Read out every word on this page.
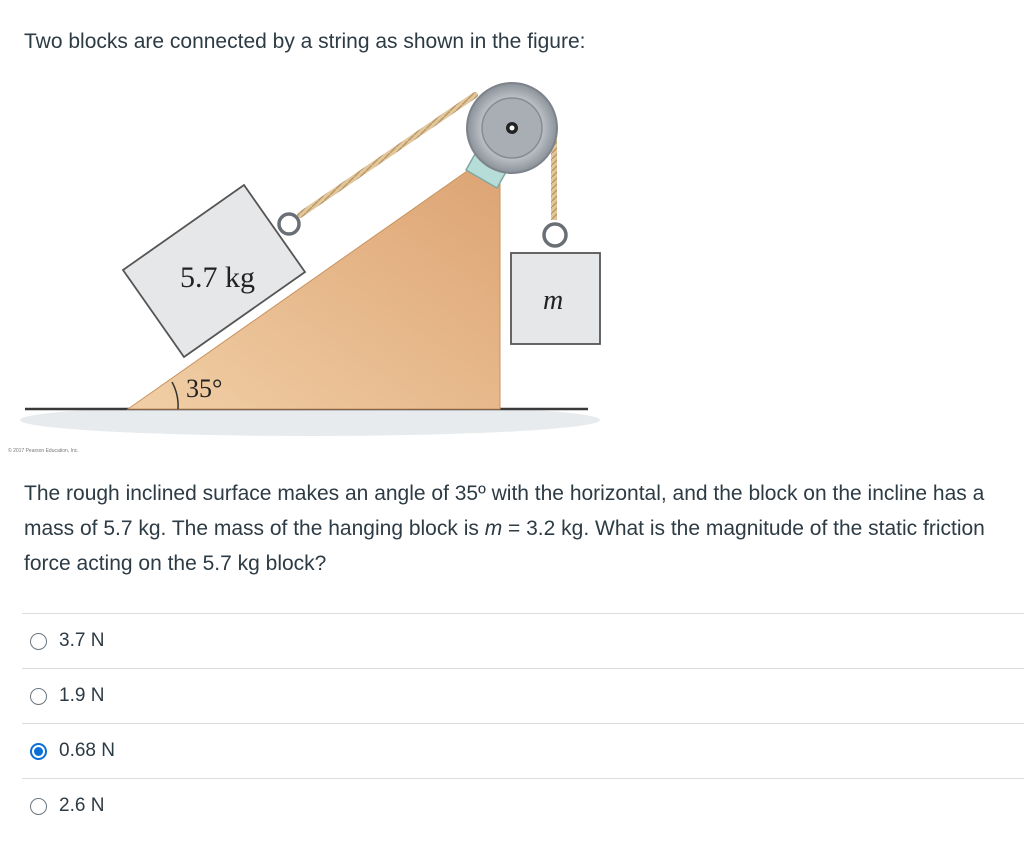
Two blocks are connected by a string as shown in the figure:

35°
5.7 kg
m
© 2017 Pearson Education, Inc.

The rough inclined surface makes an angle of 35º with the horizontal, and the block on the incline has a mass of 5.7 kg. The mass of the hanging block is m = 3.2 kg. What is the magnitude of the static friction force acting on the 5.7 kg block?

3.7 N
1.9 N
0.68 N
2.6 N
